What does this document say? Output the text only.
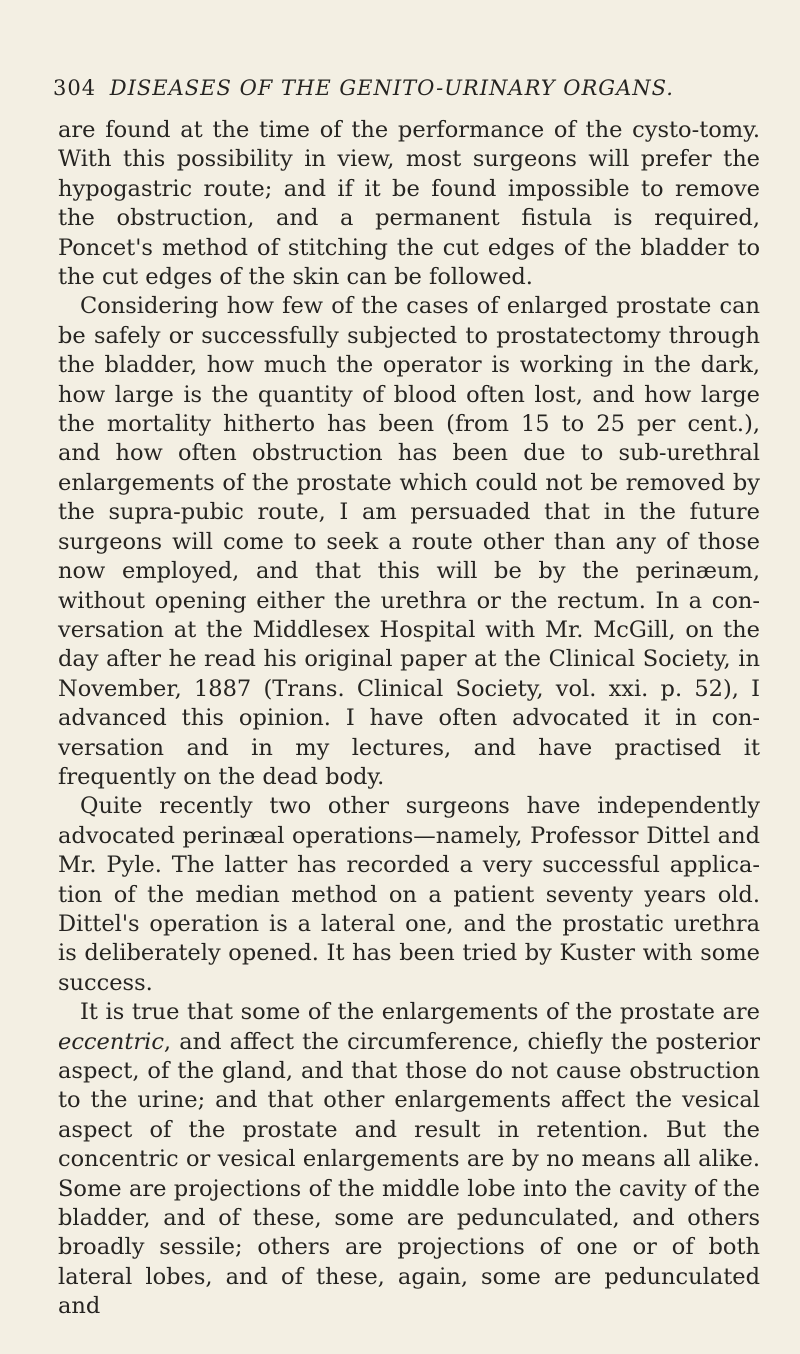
304 DISEASES OF THE GENITO-URINARY ORGANS.

are found at the time of the performance of the cysto-tomy. With this possibility in view, most surgeons will prefer the hypogastric route; and if it be found impossible to remove the obstruction, and a permanent fistula is required, Poncet's method of stitching the cut edges of the bladder to the cut edges of the skin can be followed.

Considering how few of the cases of enlarged prostate can be safely or successfully subjected to prostatectomy through the bladder, how much the operator is working in the dark, how large is the quantity of blood often lost, and how large the mortality hitherto has been (from 15 to 25 per cent.), and how often obstruction has been due to sub-urethral enlargements of the prostate which could not be removed by the supra-pubic route, I am persuaded that in the future surgeons will come to seek a route other than any of those now employed, and that this will be by the perinæum, without opening either the urethra or the rectum. In a con-versation at the Middlesex Hospital with Mr. McGill, on the day after he read his original paper at the Clinical Society, in November, 1887 (Trans. Clinical Society, vol. xxi. p. 52), I advanced this opinion. I have often advocated it in con-versation and in my lectures, and have practised it frequently on the dead body.

Quite recently two other surgeons have independently advocated perinæal operations—namely, Professor Dittel and Mr. Pyle. The latter has recorded a very successful applica-tion of the median method on a patient seventy years old. Dittel's operation is a lateral one, and the prostatic urethra is deliberately opened. It has been tried by Kuster with some success.

It is true that some of the enlargements of the prostate are eccentric, and affect the circumference, chiefly the posterior aspect, of the gland, and that those do not cause obstruction to the urine; and that other enlargements affect the vesical aspect of the prostate and result in retention. But the concentric or vesical enlargements are by no means all alike. Some are projections of the middle lobe into the cavity of the bladder, and of these, some are pedunculated, and others broadly sessile; others are projections of one or of both lateral lobes, and of these, again, some are pedunculated and
